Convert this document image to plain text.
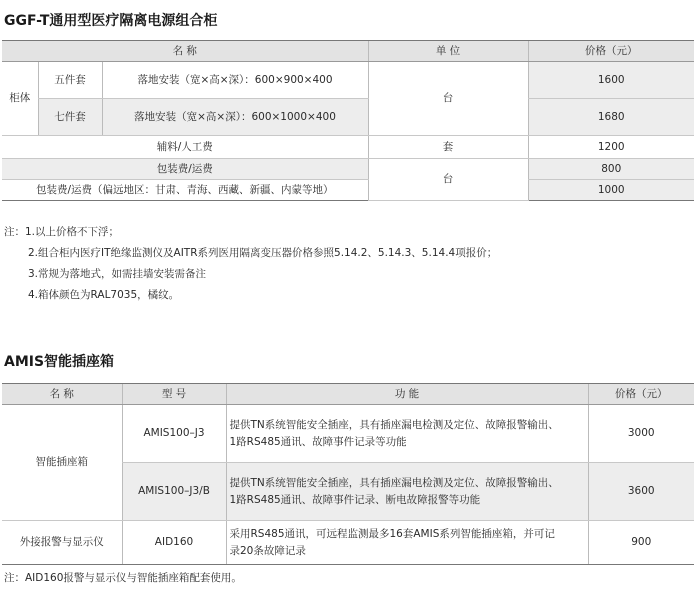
GGF-T通用型医疗隔离电源组合柜
名 称			单 位	价格（元）
柜体	五件套	落地安装（宽×高×深）：600×900×400	台	1600
	七件套	落地安装（宽×高×深）：600×1000×400		1680
辅料/人工费			套	1200
包装费/运费			台	800
包装费/运费（偏远地区：甘肃、青海、西藏、新疆、内蒙等地）				1000
注：1.以上价格不下浮；
2.组合柜内医疗IT绝缘监测仪及AITR系列医用隔离变压器价格参照5.14.2、5.14.3、5.14.4项报价；
3.常规为落地式，如需挂墙安装需备注
4.箱体颜色为RAL7035，橘纹。
AMIS智能插座箱
名 称	型 号	功 能	价格（元）
智能插座箱	AMIS100–J3	提供TN系统智能安全插座，具有插座漏电检测及定位、故障报警输出、
1路RS485通讯、故障事件记录等功能	3000
	AMIS100–J3/B	提供TN系统智能安全插座，具有插座漏电检测及定位、故障报警输出、
1路RS485通讯、故障事件记录、断电故障报警等功能	3600
外接报警与显示仪	AID160	采用RS485通讯，可远程监测最多16套AMIS系列智能插座箱，并可记
录20条故障记录	900
注：AID160报警与显示仪与智能插座箱配套使用。
